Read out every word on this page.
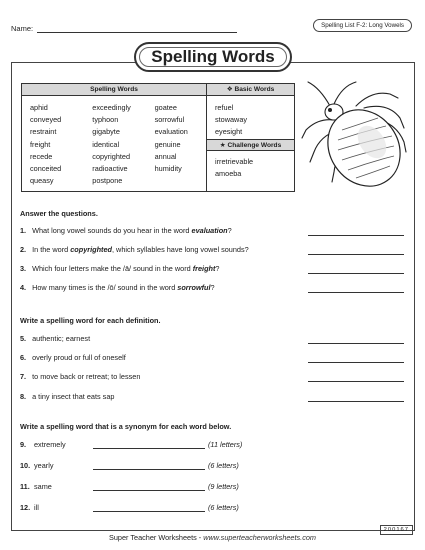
Name:	Spelling List F-2: Long Vowels
Spelling Words
Spelling Words
aphid
conveyed
restraint
freight
recede
conceited
queasy
exceedingly
typhoon
gigabyte
identical
copyrighted
radioactive
postpone
goatee
sorrowful
evaluation
genuine
annual
humidity
❖ Basic Words
refuel
stowaway
eyesight
★ Challenge Words
irretrievable
amoeba
Answer the questions.
1. What long vowel sounds do you hear in the word evaluation ?
2. In the word copyrighted , which syllables have long vowel sounds?
3. Which four letters make the /ā/ sound in the word freight ?
4. How many times is the /ō/ sound in the word sorrowful ?
Write a spelling word for each definition.
5. authentic; earnest
6. overly proud or full of oneself
7. to move back or retreat; to lessen
8. a tiny insect that eats sap
Write a spelling word that is a synonym for each word below.
9. extremely	(11 letters)
10. yearly	(6 letters)
11. same	(9 letters)
12. ill	(6 letters)
Super Teacher Worksheets - www.superteacherworksheets.com
200167
